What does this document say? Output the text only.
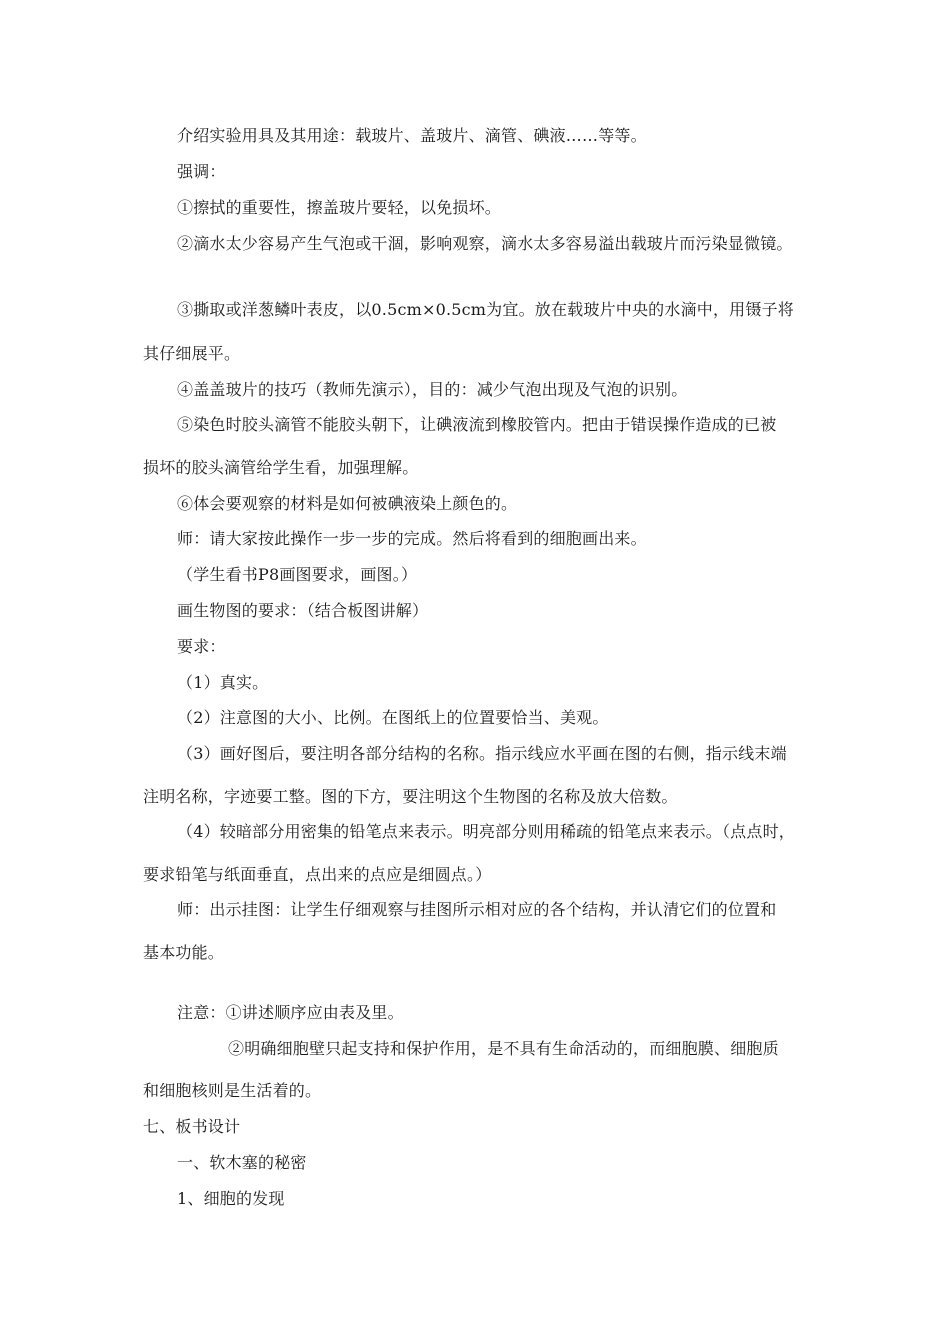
介绍实验用具及其用途：载玻片、盖玻片、滴管、碘液……等等。
强调：
①擦拭的重要性，擦盖玻片要轻，以免损坏。
②滴水太少容易产生气泡或干涸，影响观察，滴水太多容易溢出载玻片而污染显微镜。
③撕取或洋葱鳞叶表皮，以0.5cm×0.5cm为宜。放在载玻片中央的水滴中，用镊子将
其仔细展平。
④盖盖玻片的技巧（教师先演示），目的：减少气泡出现及气泡的识别。
⑤染色时胶头滴管不能胶头朝下，让碘液流到橡胶管内。把由于错误操作造成的已被
损坏的胶头滴管给学生看，加强理解。
⑥体会要观察的材料是如何被碘液染上颜色的。
师：请大家按此操作一步一步的完成。然后将看到的细胞画出来。
（学生看书P8画图要求，画图。）
画生物图的要求：（结合板图讲解）
要求：
（1）真实。
（2）注意图的大小、比例。在图纸上的位置要恰当、美观。
（3）画好图后，要注明各部分结构的名称。指示线应水平画在图的右侧，指示线末端
注明名称，字迹要工整。图的下方，要注明这个生物图的名称及放大倍数。
（4）较暗部分用密集的铅笔点来表示。明亮部分则用稀疏的铅笔点来表示。（点点时，
要求铅笔与纸面垂直，点出来的点应是细圆点。）
师：出示挂图：让学生仔细观察与挂图所示相对应的各个结构，并认清它们的位置和
基本功能。
注意：①讲述顺序应由表及里。
②明确细胞壁只起支持和保护作用，是不具有生命活动的，而细胞膜、细胞质
和细胞核则是生活着的。
七、板书设计
一、软木塞的秘密
1、细胞的发现
